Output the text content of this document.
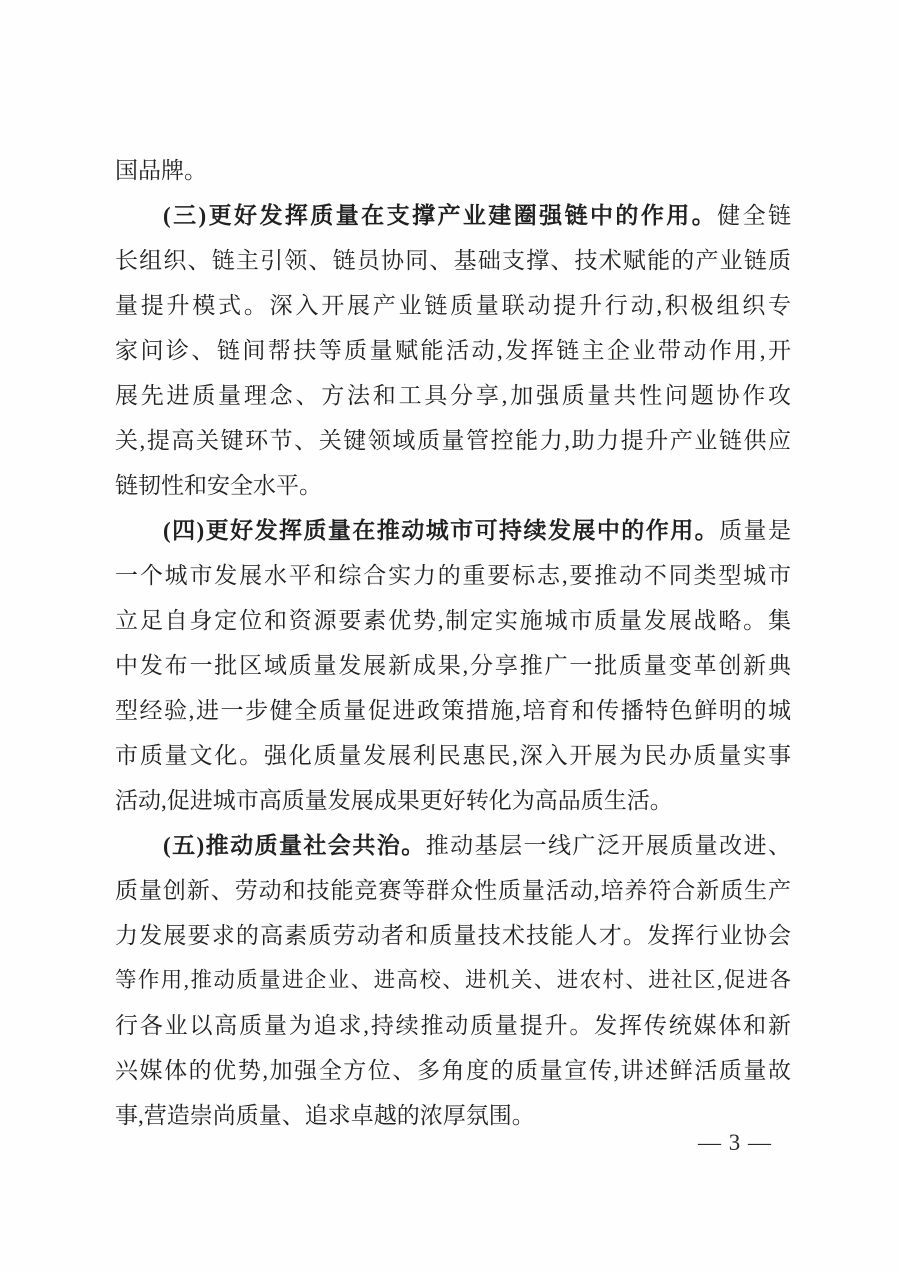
国品牌。
(三)更好发挥质量在支撑产业建圈强链中的作用。健全链
长组织、链主引领、链员协同、基础支撑、技术赋能的产业链质
量提升模式。深入开展产业链质量联动提升行动,积极组织专
家问诊、链间帮扶等质量赋能活动,发挥链主企业带动作用,开
展先进质量理念、方法和工具分享,加强质量共性问题协作攻
关,提高关键环节、关键领域质量管控能力,助力提升产业链供应
链韧性和安全水平。
(四)更好发挥质量在推动城市可持续发展中的作用。质量是
一个城市发展水平和综合实力的重要标志,要推动不同类型城市
立足自身定位和资源要素优势,制定实施城市质量发展战略。集
中发布一批区域质量发展新成果,分享推广一批质量变革创新典
型经验,进一步健全质量促进政策措施,培育和传播特色鲜明的城
市质量文化。强化质量发展利民惠民,深入开展为民办质量实事
活动,促进城市高质量发展成果更好转化为高品质生活。
(五)推动质量社会共治。推动基层一线广泛开展质量改进、
质量创新、劳动和技能竞赛等群众性质量活动,培养符合新质生产
力发展要求的高素质劳动者和质量技术技能人才。发挥行业协会
等作用,推动质量进企业、进高校、进机关、进农村、进社区,促进各
行各业以高质量为追求,持续推动质量提升。发挥传统媒体和新
兴媒体的优势,加强全方位、多角度的质量宣传,讲述鲜活质量故
事,营造崇尚质量、追求卓越的浓厚氛围。
— 3 —
